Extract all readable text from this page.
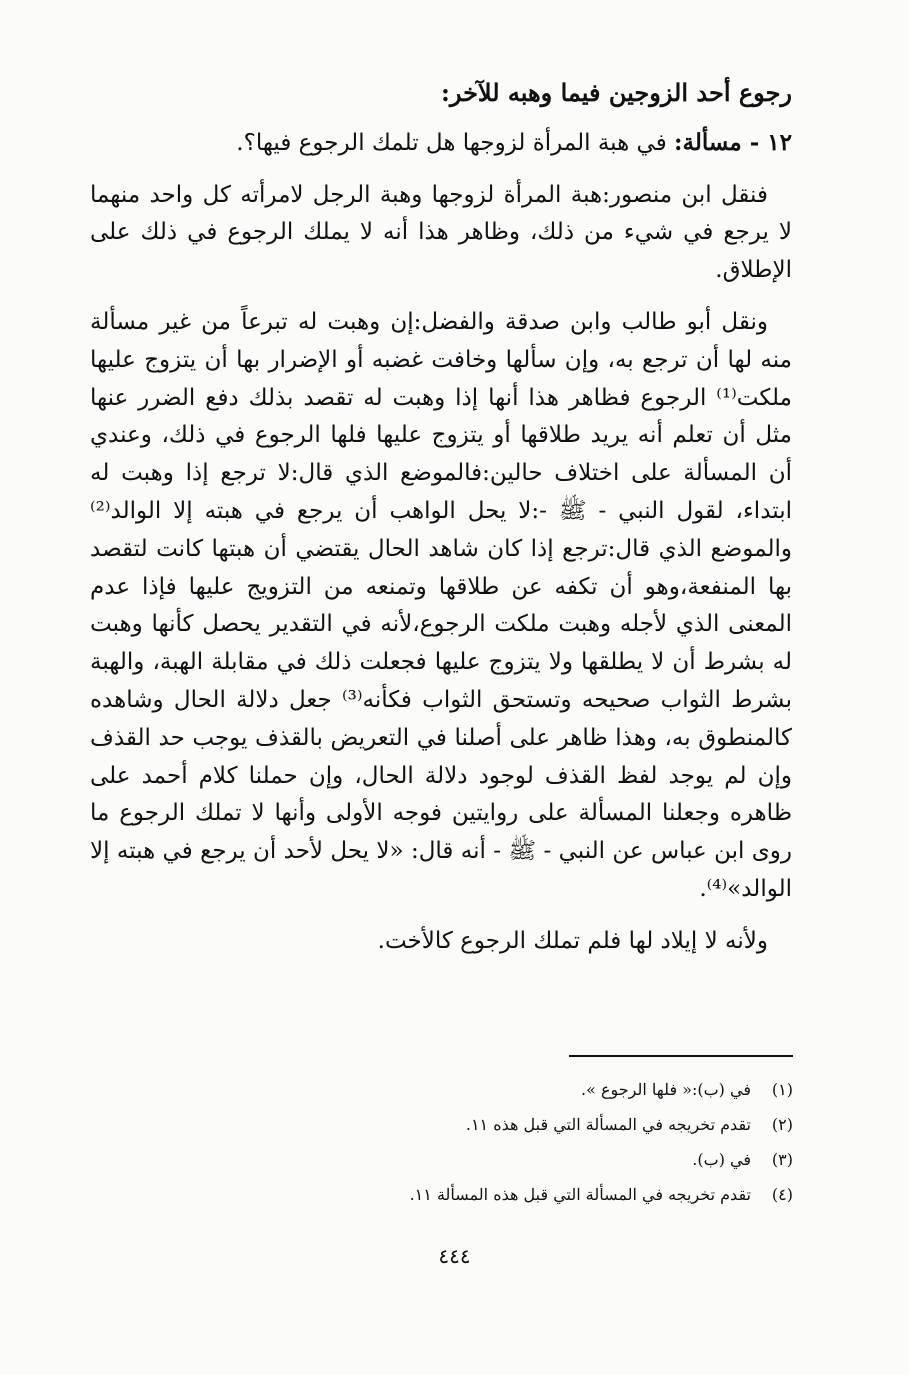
رجوع أحد الزوجين فيما وهبه للآخر:
١٢ - مسألة: في هبة المرأة لزوجها هل تلمك الرجوع فيها؟.

فنقل ابن منصور:هبة المرأة لزوجها وهبة الرجل لامرأته كل واحد منهما لا يرجع في شيء من ذلك، وظاهر هذا أنه لا يملك الرجوع في ذلك على الإطلاق.

ونقل أبو طالب وابن صدقة والفضل:إن وهبت له تبرعاً من غير مسألة منه لها أن ترجع به، وإن سألها وخافت غضبه أو الإضرار بها أن يتزوج عليها ملكت⁽¹⁾ الرجوع فظاهر هذا أنها إذا وهبت له تقصد بذلك دفع الضرر عنها مثل أن تعلم أنه يريد طلاقها أو يتزوج عليها فلها الرجوع في ذلك، وعندي أن المسألة على اختلاف حالين:فالموضع الذي قال:لا ترجع إذا وهبت له ابتداء، لقول النبي - ﷺ -:لا يحل الواهب أن يرجع في هبته إلا الوالد⁽²⁾ والموضع الذي قال:ترجع إذا كان شاهد الحال يقتضي أن هبتها كانت لتقصد بها المنفعة،وهو أن تكفه عن طلاقها وتمنعه من التزويج عليها فإذا عدم المعنى الذي لأجله وهبت ملكت الرجوع،لأنه في التقدير يحصل كأنها وهبت له بشرط أن لا يطلقها ولا يتزوج عليها فجعلت ذلك في مقابلة الهبة، والهبة بشرط الثواب صحيحه وتستحق الثواب فكأنه⁽³⁾ جعل دلالة الحال وشاهده كالمنطوق به، وهذا ظاهر على أصلنا في التعريض بالقذف يوجب حد القذف وإن لم يوجد لفظ القذف لوجود دلالة الحال، وإن حملنا كلام أحمد على ظاهره وجعلنا المسألة على روايتين فوجه الأولى وأنها لا تملك الرجوع ما روى ابن عباس عن النبي - ﷺ - أنه قال: «لا يحل لأحد أن يرجع في هبته إلا الوالد»⁽⁴⁾.

ولأنه لا إيلاد لها فلم تملك الرجوع كالأخت.

(١)
في (ب):« فلها الرجوع ».
(٢)
تقدم تخريجه في المسألة التي قبل هذه ١١.
(٣)
في (ب).
(٤)
تقدم تخريجه في المسألة التي قبل هذه المسألة ١١.
٤٤٤
